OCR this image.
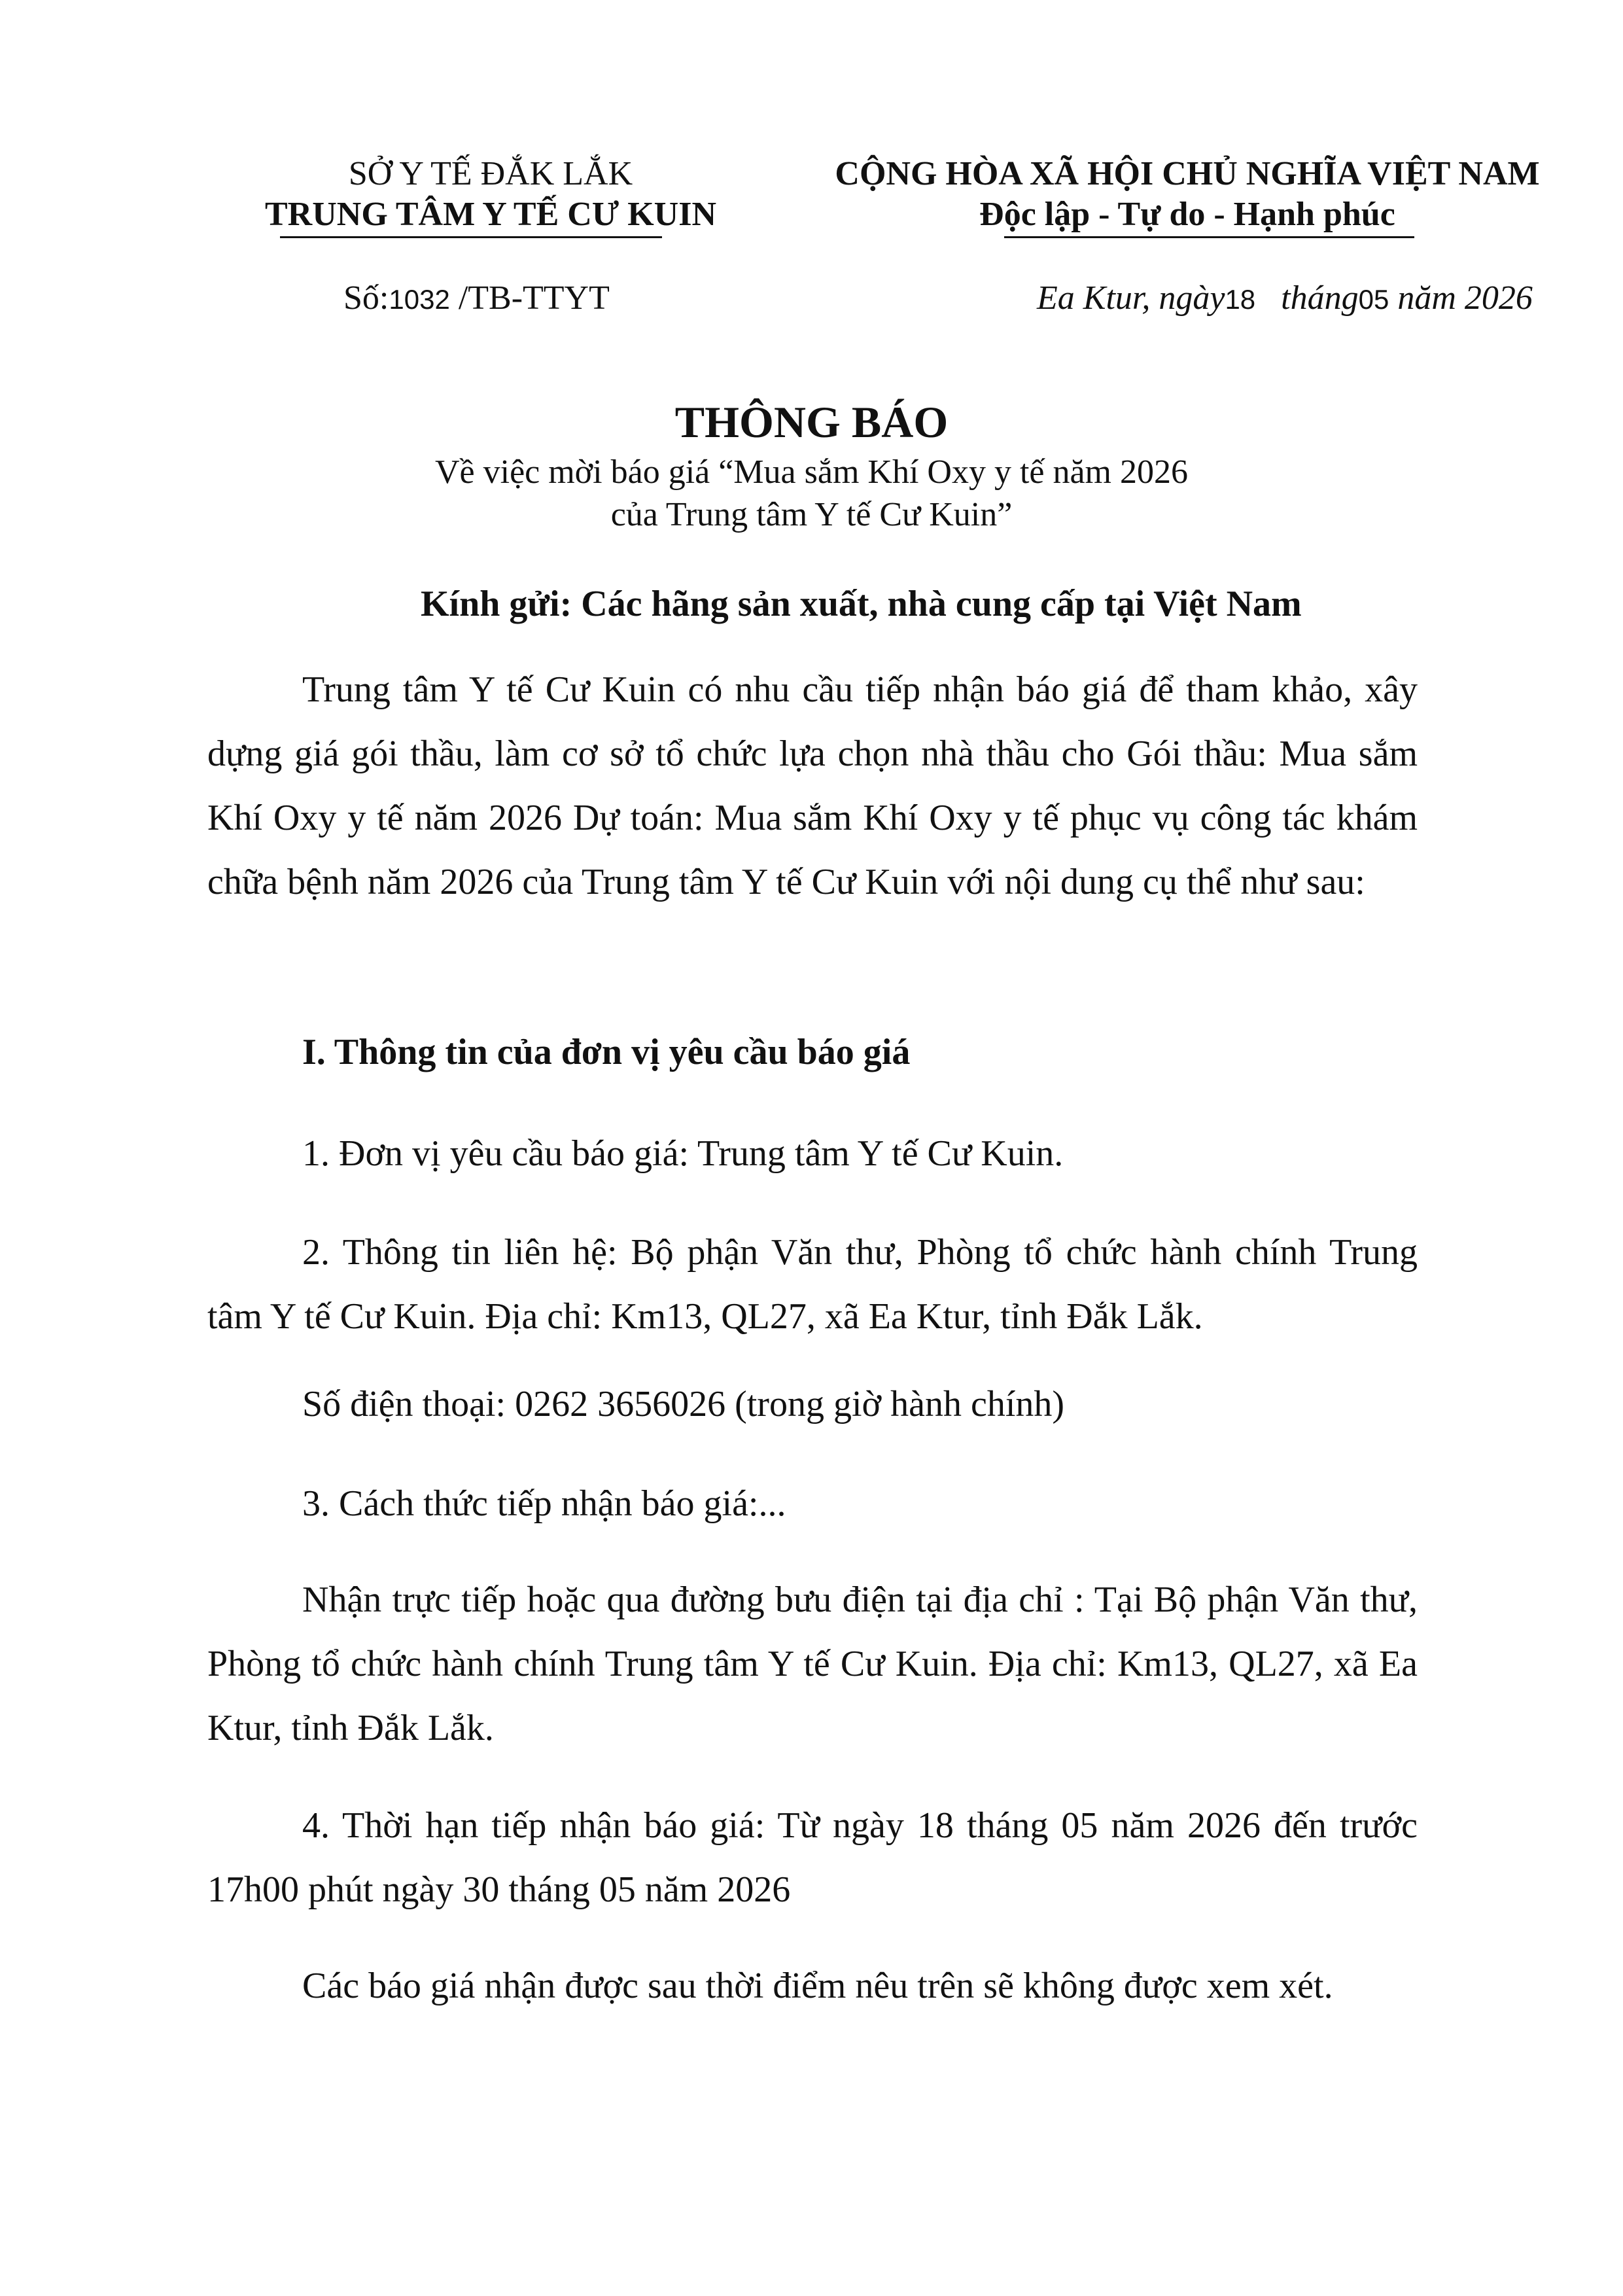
SỞ Y TẾ ĐẮK LẮK
TRUNG TÂM Y TẾ CƯ KUIN
CỘNG HÒA XÃ HỘI CHỦ NGHĨA VIỆT NAM
Độc lập - Tự do - Hạnh phúc
Số:1032 /TB-TTYT	Ea Ktur, ngày18 tháng05 năm 2026
THÔNG BÁO
Về việc mời báo giá “Mua sắm Khí Oxy y tế năm 2026
của Trung tâm Y tế Cư Kuin”
Kính gửi: Các hãng sản xuất, nhà cung cấp tại Việt Nam
Trung tâm Y tế Cư Kuin có nhu cầu tiếp nhận báo giá để tham khảo, xây dựng giá gói thầu, làm cơ sở tổ chức lựa chọn nhà thầu cho Gói thầu: Mua sắm Khí Oxy y tế năm 2026 Dự toán: Mua sắm Khí Oxy y tế phục vụ công tác khám chữa bệnh năm 2026 của Trung tâm Y tế Cư Kuin với nội dung cụ thể như sau:
I. Thông tin của đơn vị yêu cầu báo giá
1. Đơn vị yêu cầu báo giá: Trung tâm Y tế Cư Kuin.
2. Thông tin liên hệ: Bộ phận Văn thư, Phòng tổ chức hành chính Trung tâm Y tế Cư Kuin. Địa chỉ: Km13, QL27, xã Ea Ktur, tỉnh Đắk Lắk.
Số điện thoại: 0262 3656026 (trong giờ hành chính)
3. Cách thức tiếp nhận báo giá:...
Nhận trực tiếp hoặc qua đường bưu điện tại địa chỉ : Tại Bộ phận Văn thư, Phòng tổ chức hành chính Trung tâm Y tế Cư Kuin. Địa chỉ: Km13, QL27, xã Ea Ktur, tỉnh Đắk Lắk.
4. Thời hạn tiếp nhận báo giá: Từ ngày 18 tháng 05 năm 2026 đến trước 17h00 phút ngày 30 tháng 05 năm 2026
Các báo giá nhận được sau thời điểm nêu trên sẽ không được xem xét.
